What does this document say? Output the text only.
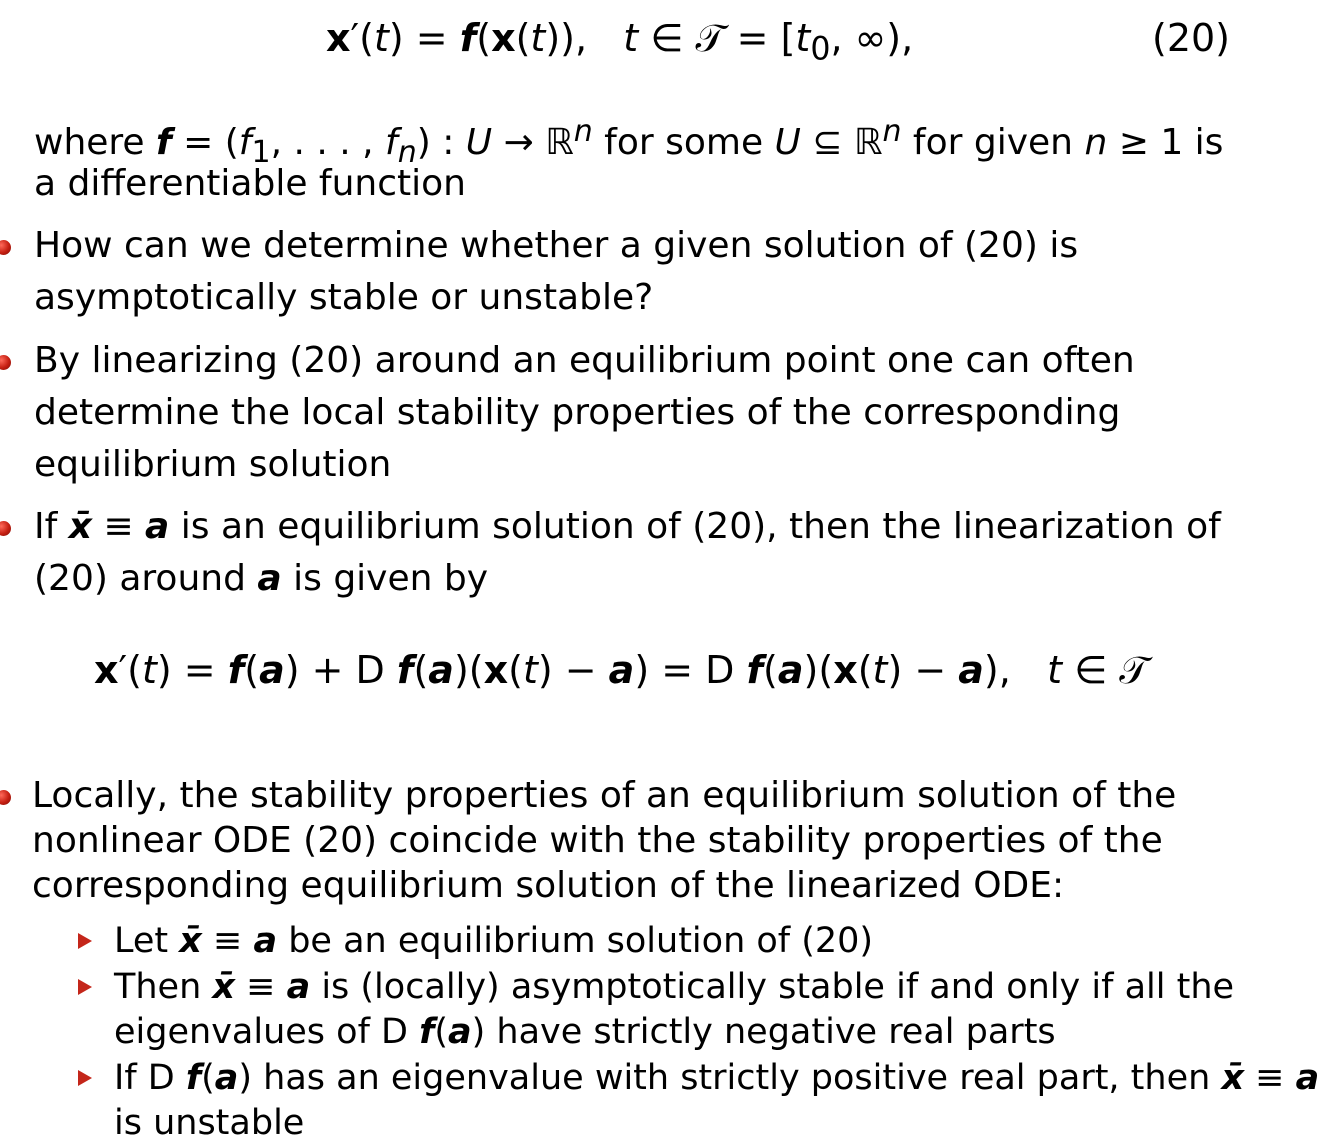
x′(t) = f(x(t)),   t ∈ 𝒯 = [$t_0$, ∞),	(20)
where $f = (f_1$, . . . , $f_n$) : U → ℝ$^n$ for some U ⊆ ℝ$^n$ for given n ≥ 1 is
a differentiable function
How can we determine whether a given solution of (20) is
asymptotically stable or unstable?
By linearizing (20) around an equilibrium point one can often
determine the local stability properties of the corresponding
equilibrium solution
If x̄ ≡ a is an equilibrium solution of (20), then the linearization of
(20) around a is given by
x′(t) = f(a) + D f(a)(x(t) − a) = D f(a)(x(t) − a),   t ∈ 𝒯
Locally, the stability properties of an equilibrium solution of the
nonlinear ODE (20) coincide with the stability properties of the
corresponding equilibrium solution of the linearized ODE:
Let x̄ ≡ a be an equilibrium solution of (20)
Then x̄ ≡ a is (locally) asymptotically stable if and only if all the
eigenvalues of D f(a) have strictly negative real parts
If D f(a) has an eigenvalue with strictly positive real part, then x̄ ≡ a
is unstable
